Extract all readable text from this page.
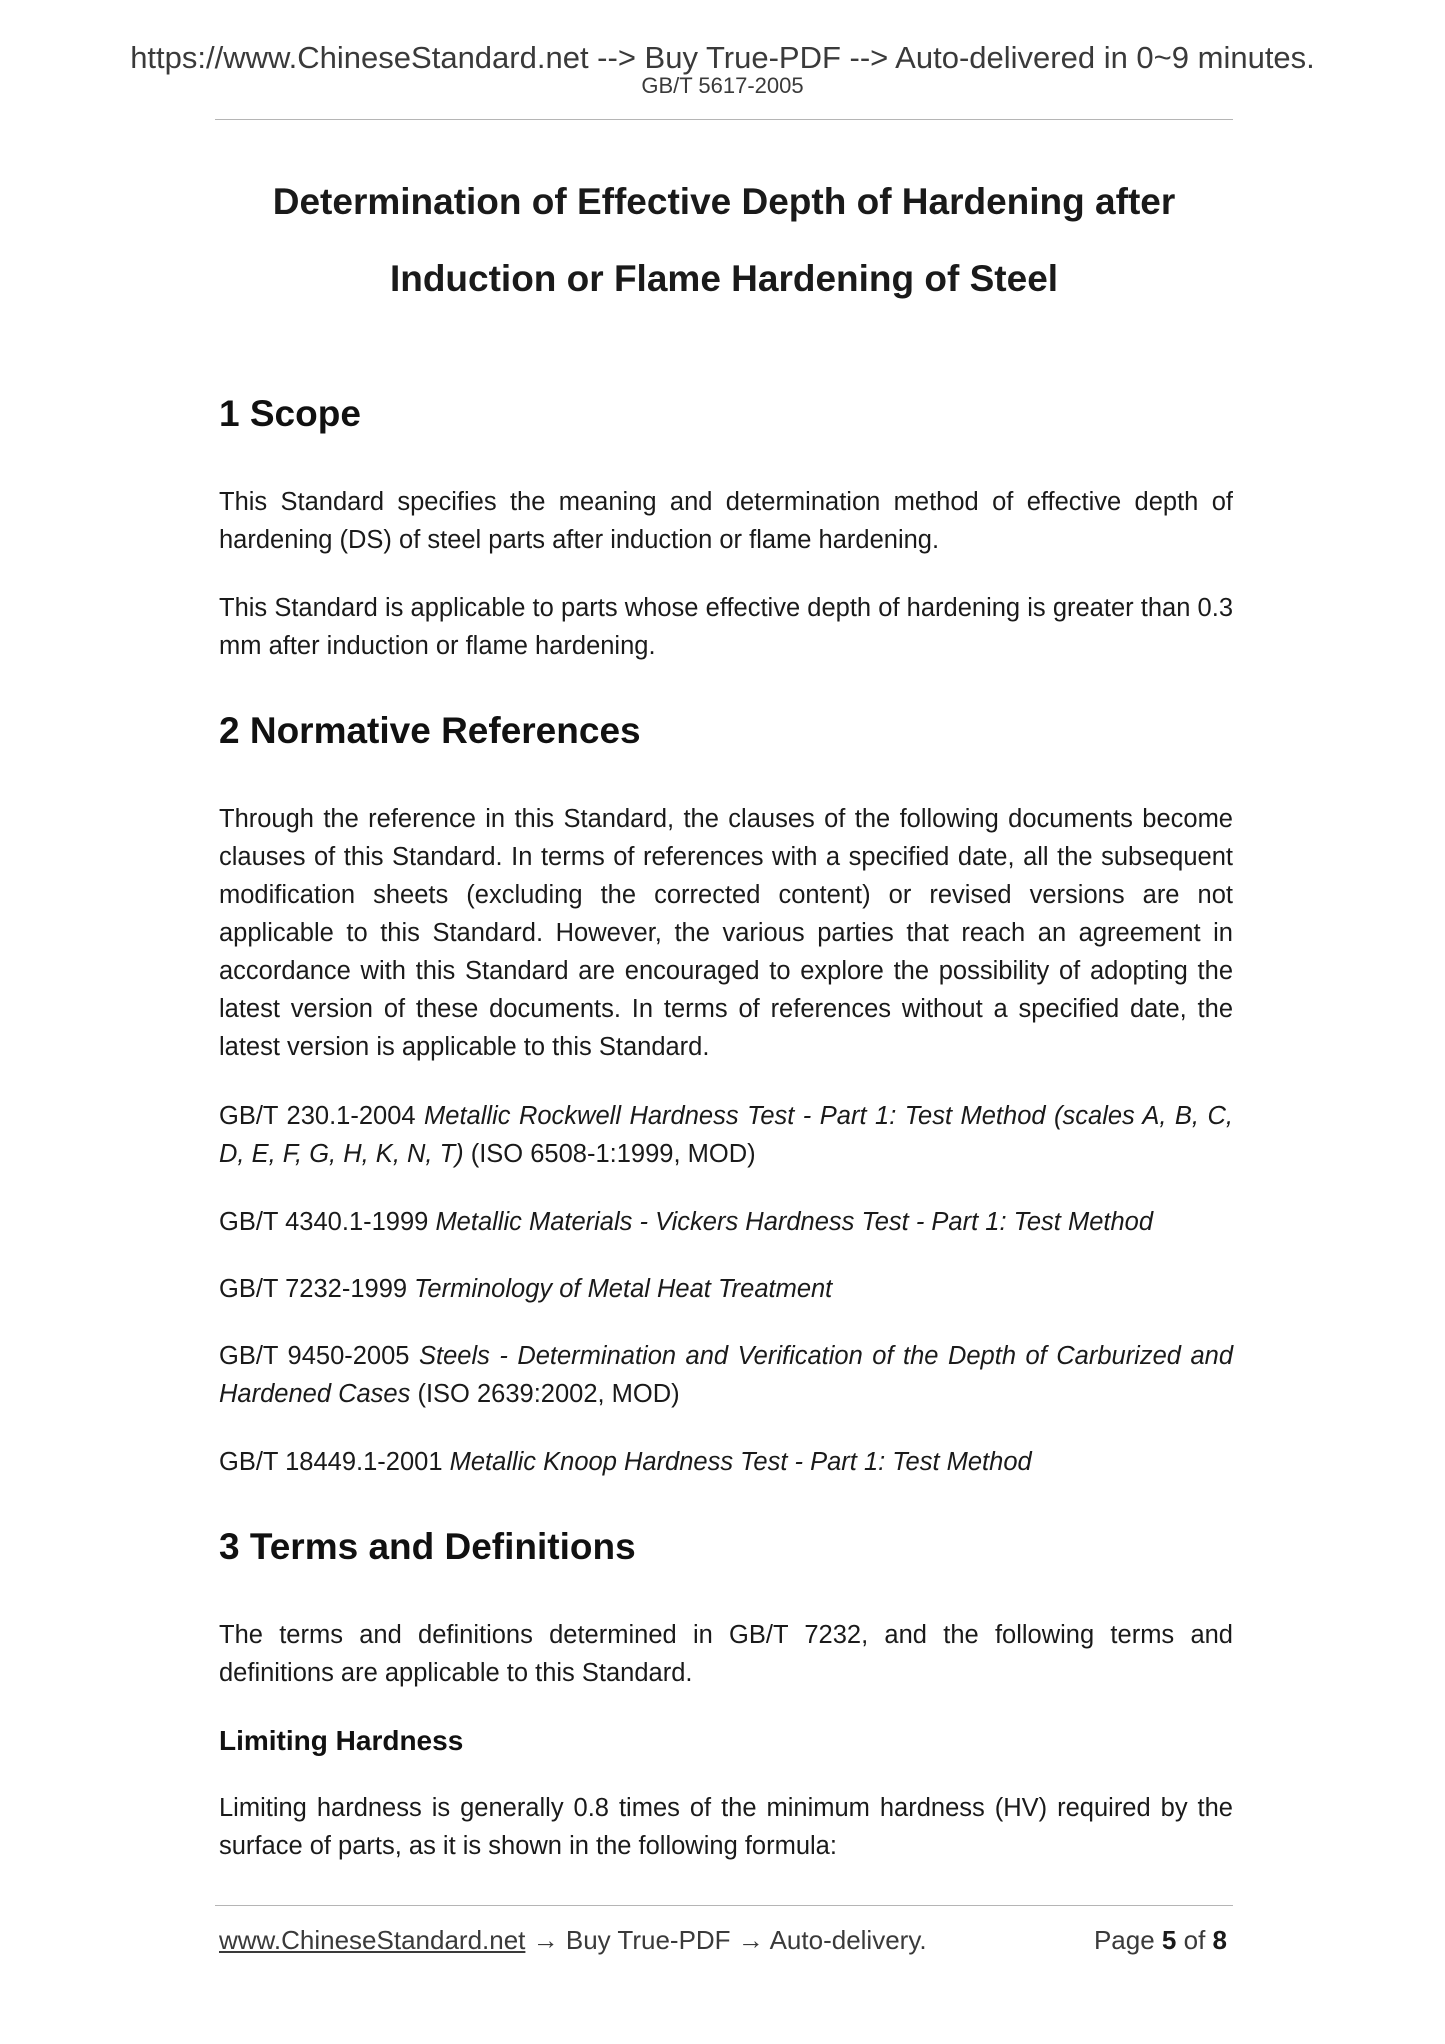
https://www.ChineseStandard.net --> Buy True-PDF --> Auto-delivered in 0~9 minutes.
GB/T 5617-2005
Determination of Effective Depth of Hardening after
Induction or Flame Hardening of Steel
1 Scope
This Standard specifies the meaning and determination method of effective depth of hardening (DS) of steel parts after induction or flame hardening.
This Standard is applicable to parts whose effective depth of hardening is greater than 0.3 mm after induction or flame hardening.
2 Normative References
Through the reference in this Standard, the clauses of the following documents become clauses of this Standard. In terms of references with a specified date, all the subsequent modification sheets (excluding the corrected content) or revised versions are not applicable to this Standard. However, the various parties that reach an agreement in accordance with this Standard are encouraged to explore the possibility of adopting the latest version of these documents. In terms of references without a specified date, the latest version is applicable to this Standard.
GB/T 230.1-2004 Metallic Rockwell Hardness Test - Part 1: Test Method (scales A, B, C, D, E, F, G, H, K, N, T) (ISO 6508-1:1999, MOD)
GB/T 4340.1-1999 Metallic Materials - Vickers Hardness Test - Part 1: Test Method
GB/T 7232-1999 Terminology of Metal Heat Treatment
GB/T 9450-2005 Steels - Determination and Verification of the Depth of Carburized and Hardened Cases (ISO 2639:2002, MOD)
GB/T 18449.1-2001 Metallic Knoop Hardness Test - Part 1: Test Method
3 Terms and Definitions
The terms and definitions determined in GB/T 7232, and the following terms and definitions are applicable to this Standard.
Limiting Hardness
Limiting hardness is generally 0.8 times of the minimum hardness (HV) required by the surface of parts, as it is shown in the following formula:
www.ChineseStandard.net → Buy True-PDF → Auto-delivery.	Page 5 of 8
